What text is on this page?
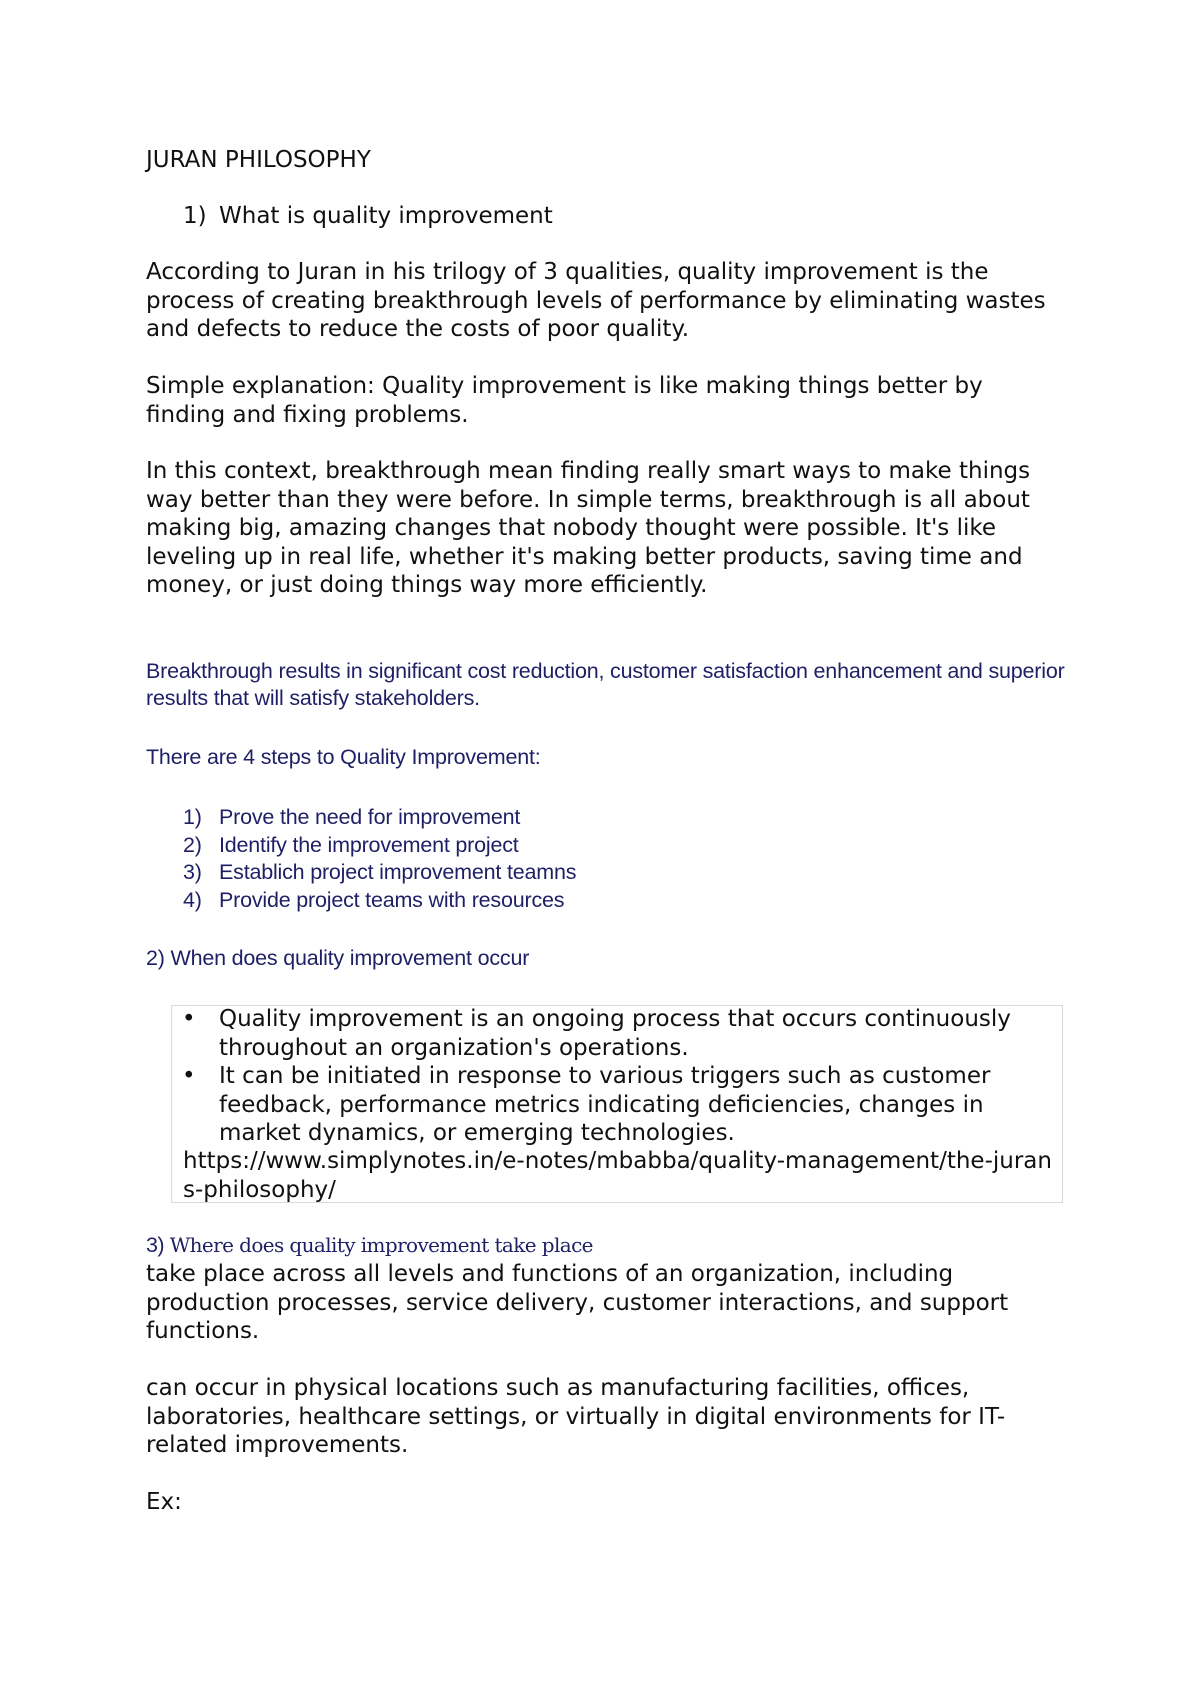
JURAN PHILOSOPHY

1) What is quality improvement

According to Juran in his trilogy of 3 qualities, quality improvement is the process of creating breakthrough levels of performance by eliminating wastes and defects to reduce the costs of poor quality.

Simple explanation: Quality improvement is like making things better by finding and fixing problems.

In this context, breakthrough mean finding really smart ways to make things way better than they were before. In simple terms, breakthrough is all about making big, amazing changes that nobody thought were possible. It's like leveling up in real life, whether it's making better products, saving time and money, or just doing things way more efficiently.

Breakthrough results in significant cost reduction, customer satisfaction enhancement and superior results that will satisfy stakeholders.

There are 4 steps to Quality Improvement:

1) Prove the need for improvement
2) Identify the improvement project
3) Establich project improvement teamns
4) Provide project teams with resources

2) When does quality improvement occur

• Quality improvement is an ongoing process that occurs continuously throughout an organization's operations.
• It can be initiated in response to various triggers such as customer feedback, performance metrics indicating deficiencies, changes in market dynamics, or emerging technologies.

https://www.simplynotes.in/e-notes/mbabba/quality-management/the-jurans-philosophy/

3) Where does quality improvement take place

take place across all levels and functions of an organization, including production processes, service delivery, customer interactions, and support functions.

can occur in physical locations such as manufacturing facilities, offices, laboratories, healthcare settings, or virtually in digital environments for IT-related improvements.

Ex:
